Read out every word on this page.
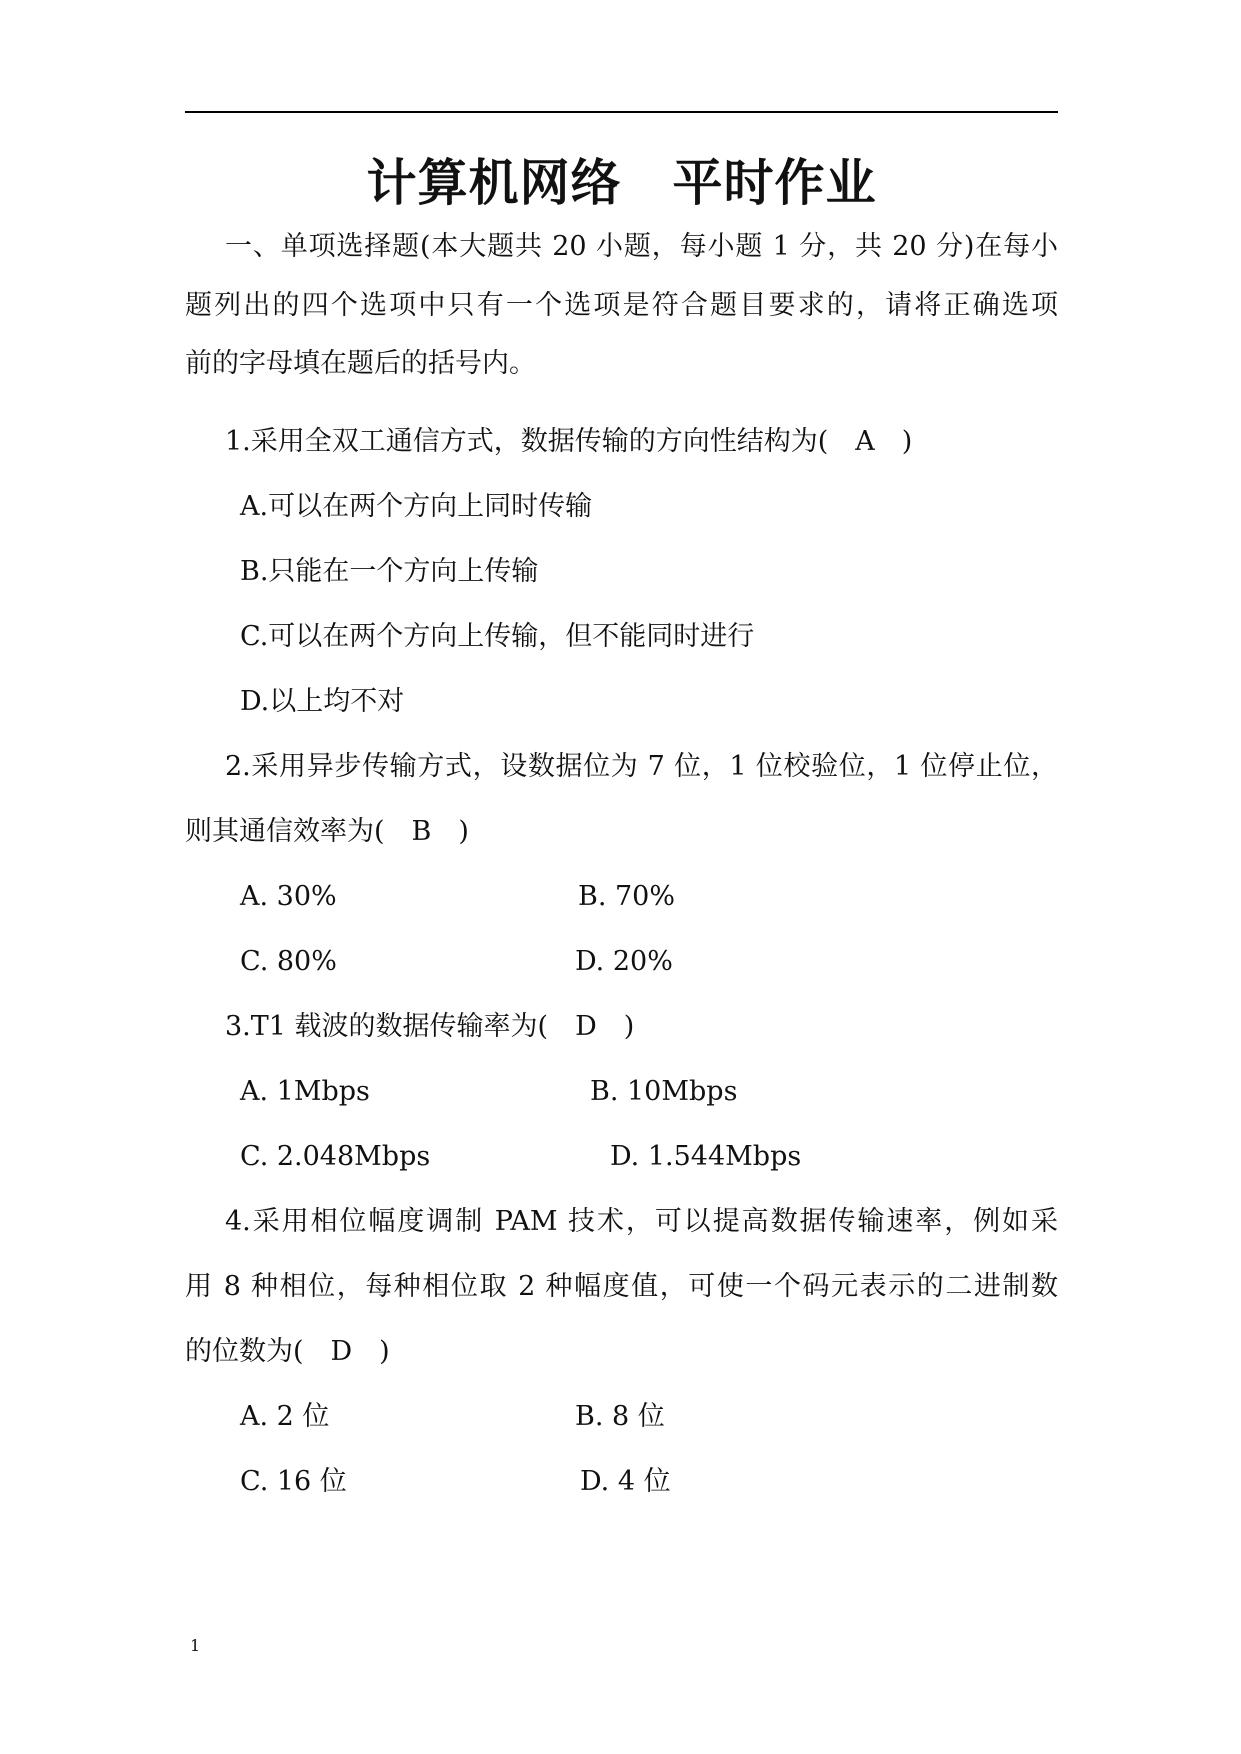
计算机网络　平时作业
一、单项选择题(本大题共 20 小题，每小题 1 分，共 20 分)在每小
题列出的四个选项中只有一个选项是符合题目要求的，请将正确选项
前的字母填在题后的括号内。
1.采用全双工通信方式，数据传输的方向性结构为(　A　)
A.可以在两个方向上同时传输
B.只能在一个方向上传输
C.可以在两个方向上传输，但不能同时进行
D.以上均不对
2.采用异步传输方式，设数据位为 7 位，1 位校验位，1 位停止位，
则其通信效率为(　B　)
A. 30%	B. 70%
C. 80%	D. 20%
3.T1 载波的数据传输率为(　D　)
A. 1Mbps	B. 10Mbps
C. 2.048Mbps	D. 1.544Mbps
4.采用相位幅度调制 PAM 技术，可以提高数据传输速率，例如采
用 8 种相位，每种相位取 2 种幅度值，可使一个码元表示的二进制数
的位数为(　D　)
A. 2 位	B. 8 位
C. 16 位	D. 4 位
1
